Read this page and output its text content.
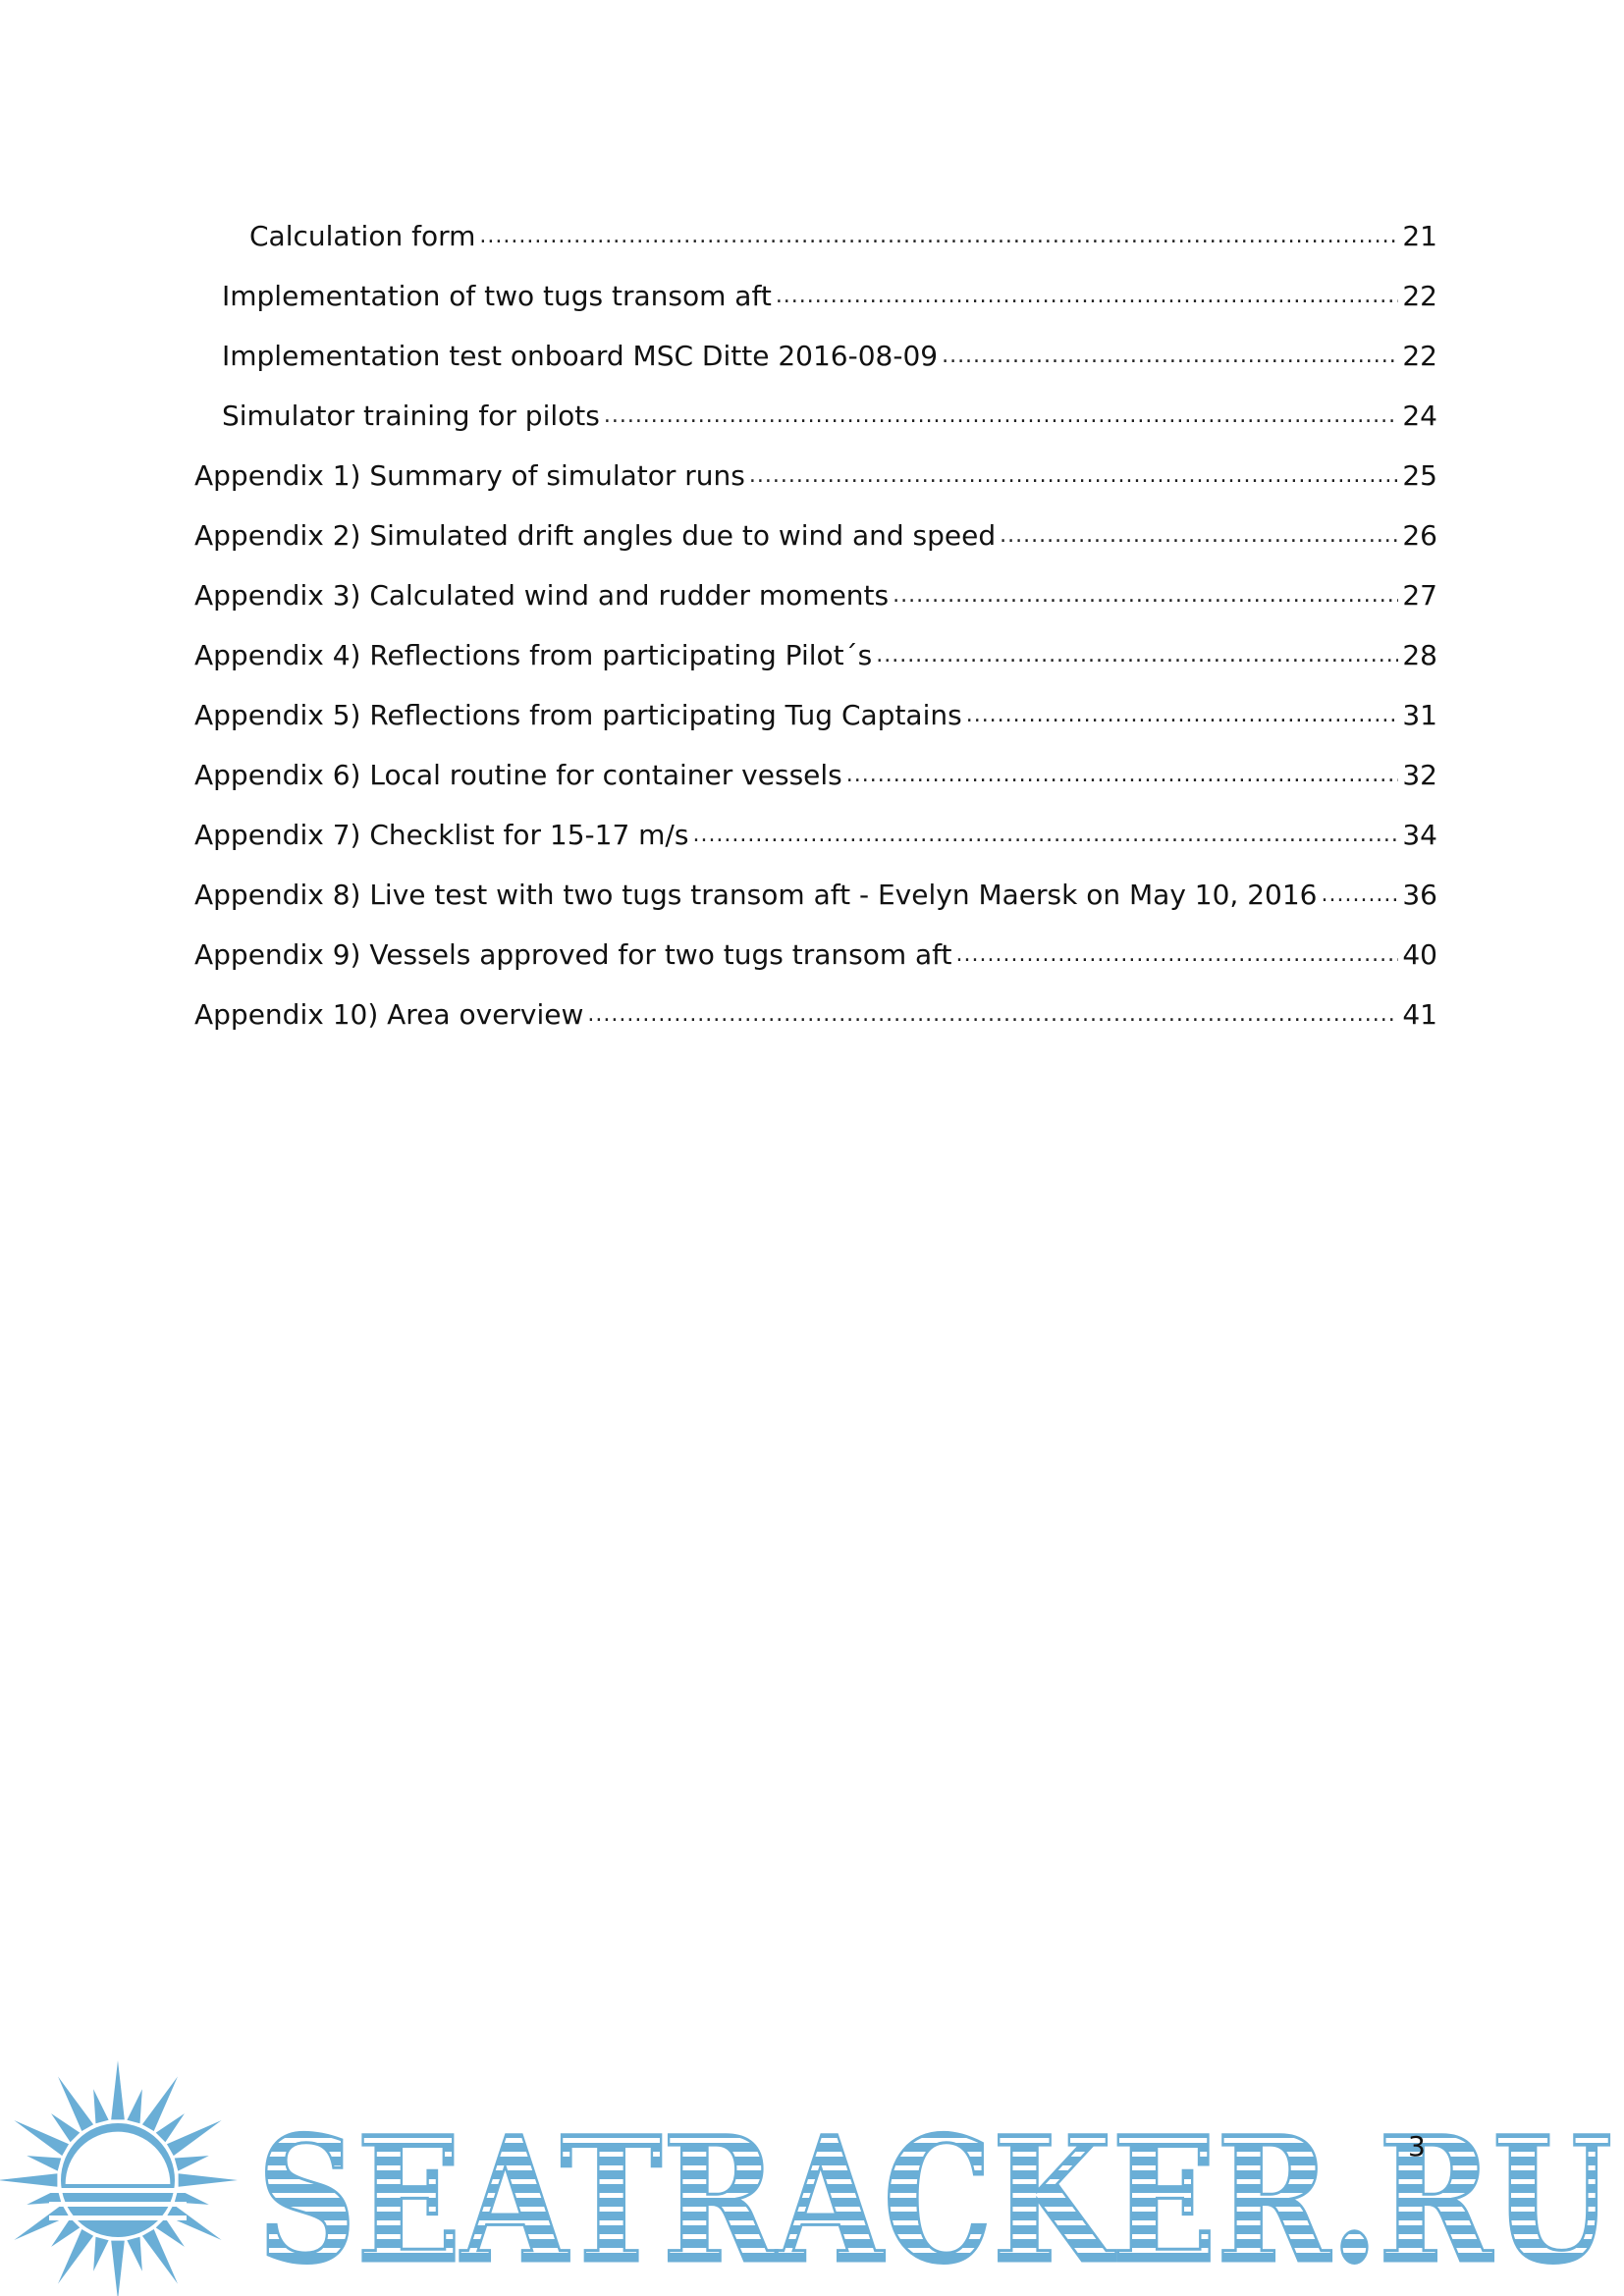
Calculation form .....	21
Implementation of two tugs transom aft .....	22
Implementation test onboard MSC Ditte 2016-08-09 .....	22
Simulator training for pilots .....	24
Appendix 1) Summary of simulator runs .....	25
Appendix 2) Simulated drift angles due to wind and speed .....	26
Appendix 3) Calculated wind and rudder moments .....	27
Appendix 4) Reflections from participating Pilot´s .....	28
Appendix 5) Reflections from participating Tug Captains .....	31
Appendix 6) Local routine for container vessels .....	32
Appendix 7) Checklist for 15-17 m/s .....	34
Appendix 8) Live test with two tugs transom aft - Evelyn Maersk on May 10, 2016 .....	36
Appendix 9) Vessels approved for two tugs transom aft .....	40
Appendix 10) Area overview .....	41
3
SEATRACKER.RU
